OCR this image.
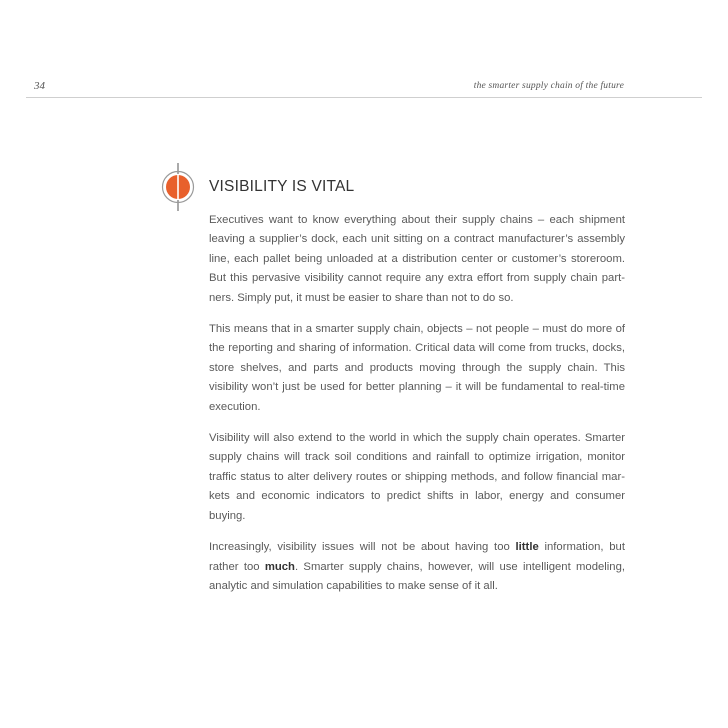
34	the smarter supply chain of the future
VISIBILITY IS VITAL

Executives want to know everything about their supply chains – each shipment leaving a supplier’s dock, each unit sitting on a contract manufacturer’s assembly line, each pallet being unloaded at a distribution center or customer’s storeroom. But this pervasive visibility cannot require any extra effort from supply chain partners. Simply put, it must be easier to share than not to do so.

This means that in a smarter supply chain, objects – not people – must do more of the reporting and sharing of information. Critical data will come from trucks, docks, store shelves, and parts and products moving through the supply chain. This visibility won’t just be used for better planning – it will be fundamental to real-time execution.

Visibility will also extend to the world in which the supply chain operates. Smarter supply chains will track soil conditions and rainfall to optimize irrigation, monitor traffic status to alter delivery routes or shipping methods, and follow financial markets and economic indicators to predict shifts in labor, energy and consumer buying.

Increasingly, visibility issues will not be about having too little information, but rather too much. Smarter supply chains, however, will use intelligent modeling, analytic and simulation capabilities to make sense of it all.
